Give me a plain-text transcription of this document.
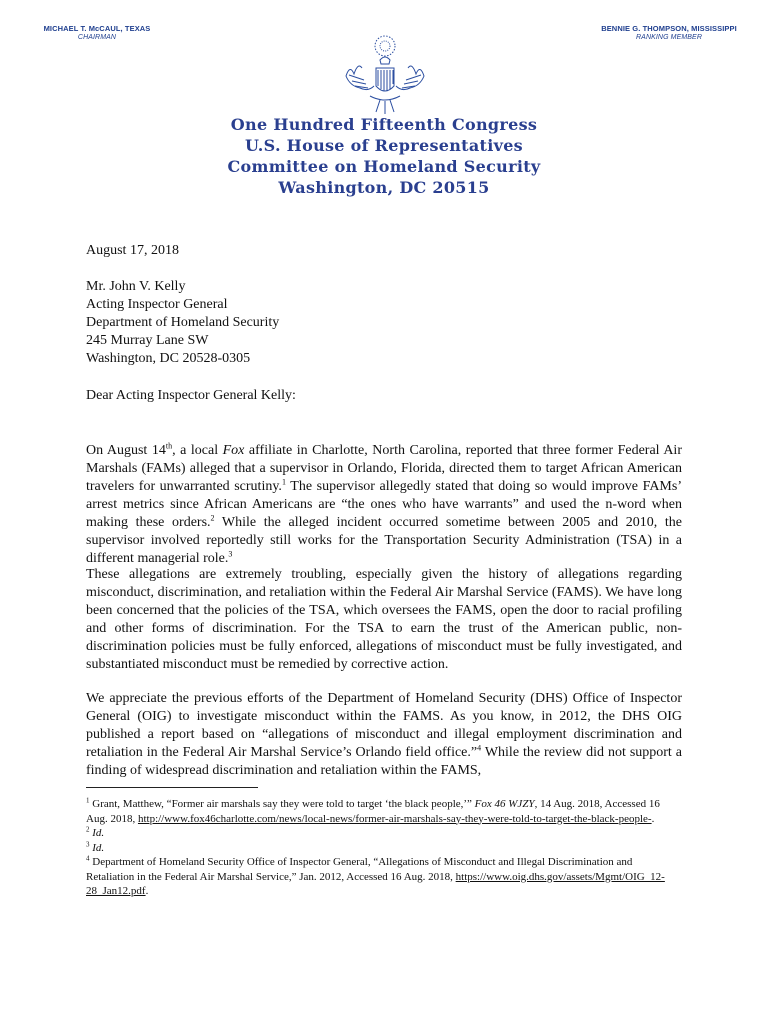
MICHAEL T. McCAUL, TEXAS
CHAIRMAN
BENNIE G. THOMPSON, MISSISSIPPI
RANKING MEMBER
One Hundred Fifteenth Congress
U.S. House of Representatives
Committee on Homeland Security
Washington, DC 20515
August 17, 2018
Mr. John V. Kelly
Acting Inspector General
Department of Homeland Security
245 Murray Lane SW
Washington, DC 20528-0305
Dear Acting Inspector General Kelly:

On August 14th, a local Fox affiliate in Charlotte, North Carolina, reported that three former Federal Air Marshals (FAMs) alleged that a supervisor in Orlando, Florida, directed them to target African American travelers for unwarranted scrutiny.$^1$ The supervisor allegedly stated that doing so would improve FAMs’ arrest metrics since African Americans are “the ones who have warrants” and used the n-word when making these orders.$^2$ While the alleged incident occurred sometime between 2005 and 2010, the supervisor involved reportedly still works for the Transportation Security Administration (TSA) in a different managerial role.$^3$

These allegations are extremely troubling, especially given the history of allegations regarding misconduct, discrimination, and retaliation within the Federal Air Marshal Service (FAMS). We have long been concerned that the policies of the TSA, which oversees the FAMS, open the door to racial profiling and other forms of discrimination. For the TSA to earn the trust of the American public, non-discrimination policies must be fully enforced, allegations of misconduct must be fully investigated, and substantiated misconduct must be remedied by corrective action.

We appreciate the previous efforts of the Department of Homeland Security (DHS) Office of Inspector General (OIG) to investigate misconduct within the FAMS. As you know, in 2012, the DHS OIG published a report based on “allegations of misconduct and illegal employment discrimination and retaliation in the Federal Air Marshal Service’s Orlando field office.”$^4$ While the review did not support a finding of widespread discrimination and retaliation within the FAMS,

$^1$ Grant, Matthew, “Former air marshals say they were told to target ‘the black people,’” Fox 46 WJZY, 14 Aug. 2018, Accessed 16 Aug. 2018, http://www.fox46charlotte.com/news/local-news/former-air-marshals-say-they-were-told-to-target-the-black-people-.

$^2$ Id.

$^3$ Id.

$^4$ Department of Homeland Security Office of Inspector General, “Allegations of Misconduct and Illegal Discrimination and Retaliation in the Federal Air Marshal Service,” Jan. 2012, Accessed 16 Aug. 2018, https://www.oig.dhs.gov/assets/Mgmt/OIG_12-28_Jan12.pdf.
